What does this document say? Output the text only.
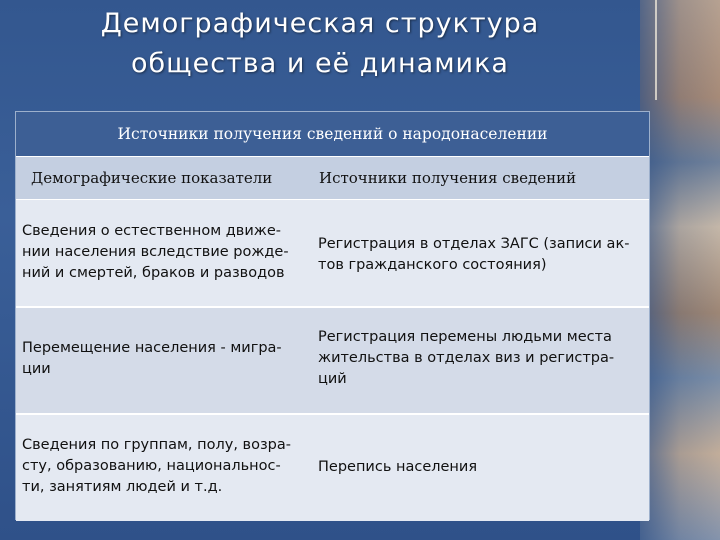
Демографическая структура
общества и её динамика
Источники получения сведений о народонаселении
Демографические показатели	Источники получения сведений
Сведения о естественном движе-
нии населения вследствие рожде-
ний и смертей, браков и разводов
Регистрация в отделах ЗАГС (записи ак-
тов гражданского состояния)
Перемещение населения - мигра-
ции
Регистрация перемены людьми места
жительства в отделах виз и регистра-
ций
Сведения по группам, полу, возра-
сту, образованию, национальнос-
ти, занятиям людей и т.д.
Перепись населения
